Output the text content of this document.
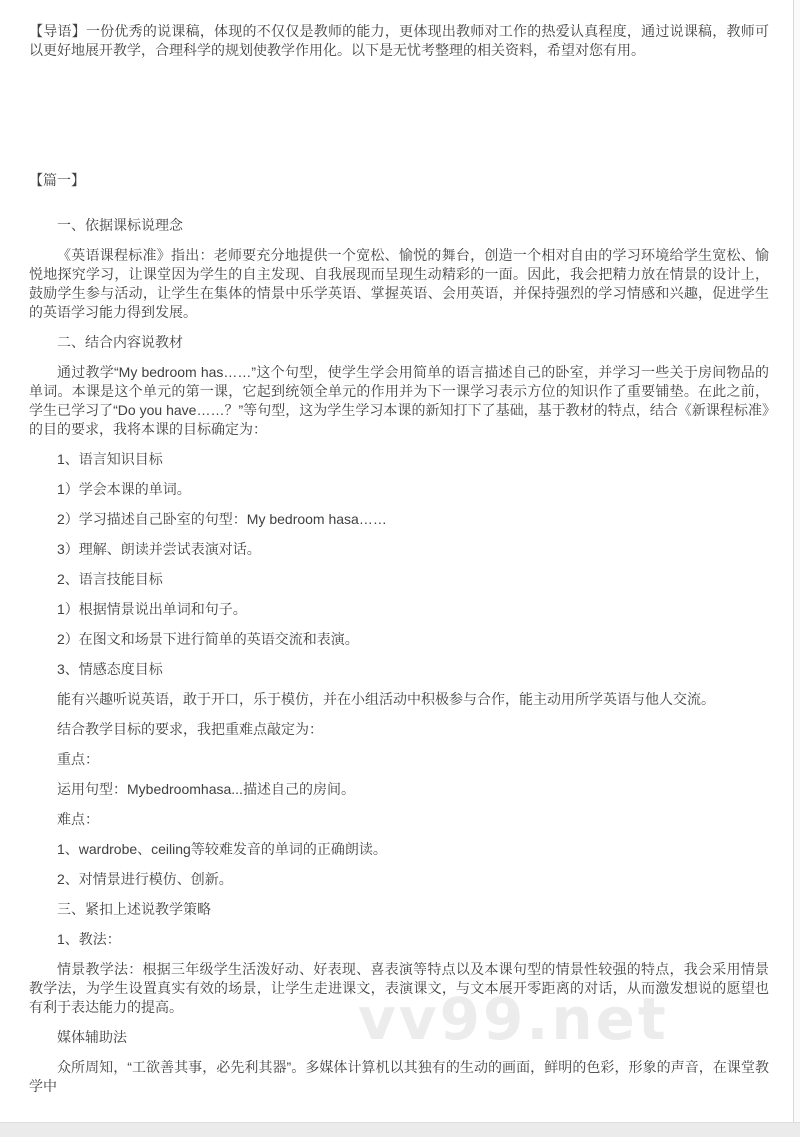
vv99.net

【导语】一份优秀的说课稿，体现的不仅仅是教师的能力，更体现出教师对工作的热爱认真程度，通过说课稿，教师可以更好地展开教学，合理科学的规划使教学作用化。以下是无忧考整理的相关资料，希望对您有用。

【篇一】

一、依据课标说理念

《英语课程标准》指出：老师要充分地提供一个宽松、愉悦的舞台，创造一个相对自由的学习环境给学生宽松、愉悦地探究学习，让课堂因为学生的自主发现、自我展现而呈现生动精彩的一面。因此，我会把精力放在情景的设计上，鼓励学生参与活动，让学生在集体的情景中乐学英语、掌握英语、会用英语，并保持强烈的学习情感和兴趣，促进学生的英语学习能力得到发展。

二、结合内容说教材

通过教学“My bedroom has……”这个句型，使学生学会用简单的语言描述自己的卧室，并学习一些关于房间物品的单词。本课是这个单元的第一课，它起到统领全单元的作用并为下一课学习表示方位的知识作了重要铺垫。在此之前，学生已学习了“Do you have……？”等句型，这为学生学习本课的新知打下了基础，基于教材的特点，结合《新课程标准》的目的要求，我将本课的目标确定为：

1、语言知识目标

1）学会本课的单词。

2）学习描述自己卧室的句型：My bedroom hasa……

3）理解、朗读并尝试表演对话。

2、语言技能目标

1）根据情景说出单词和句子。

2）在图文和场景下进行简单的英语交流和表演。

3、情感态度目标

能有兴趣听说英语，敢于开口，乐于模仿，并在小组活动中积极参与合作，能主动用所学英语与他人交流。

结合教学目标的要求，我把重难点敲定为：

重点：

运用句型：Mybedroomhasa...描述自己的房间。

难点：

1、wardrobe、ceiling等较难发音的单词的正确朗读。

2、对情景进行模仿、创新。

三、紧扣上述说教学策略

1、教法：

情景教学法：根据三年级学生活泼好动、好表现、喜表演等特点以及本课句型的情景性较强的特点，我会采用情景教学法，为学生设置真实有效的场景，让学生走进课文，表演课文，与文本展开零距离的对话，从而激发想说的愿望也有利于表达能力的提高。

媒体辅助法

众所周知，“工欲善其事，必先利其器”。多媒体计算机以其独有的生动的画面，鲜明的色彩，形象的声音，在课堂教学中
